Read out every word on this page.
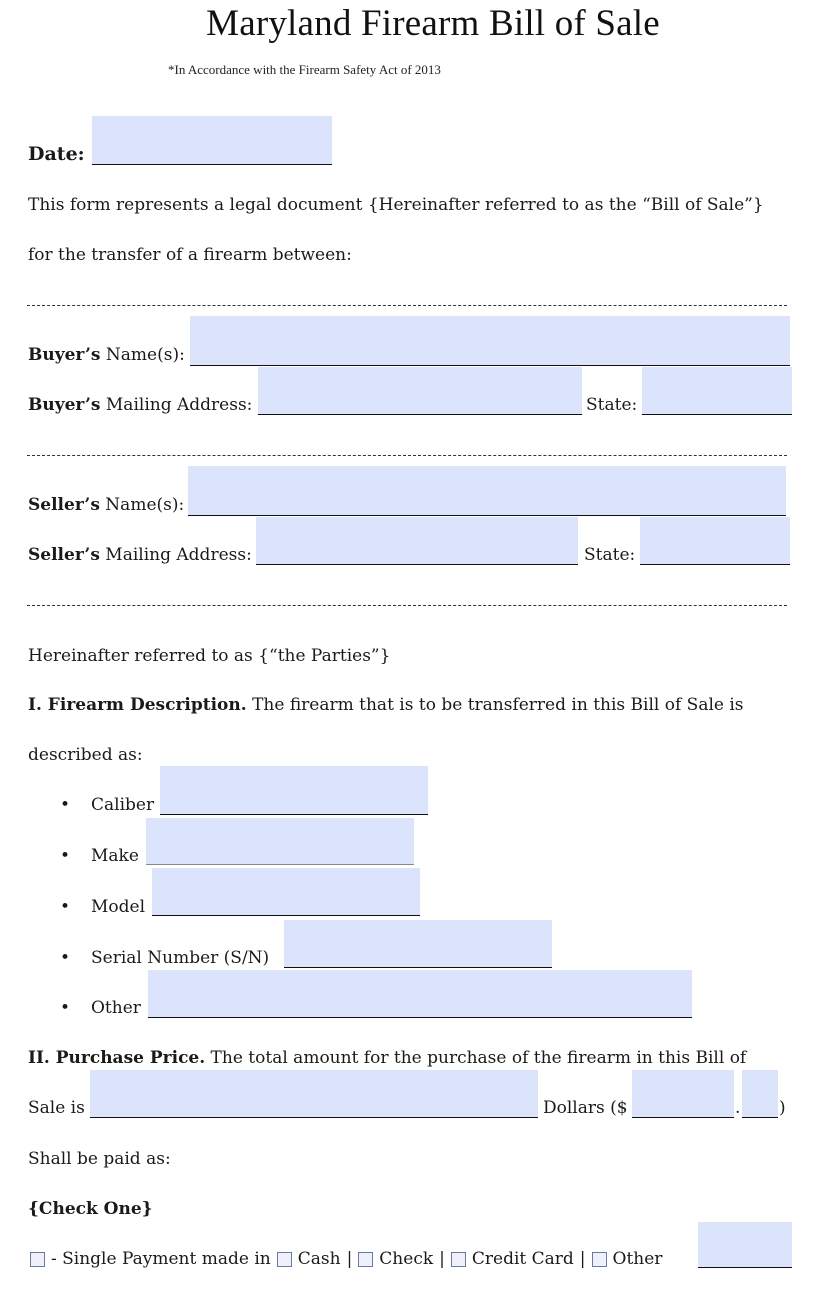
Maryland Firearm Bill of Sale
*In Accordance with the Firearm Safety Act of 2013
Date:
This form represents a legal document {Hereinafter referred to as the “Bill of Sale”}
for the transfer of a firearm between:
Buyer’s Name(s):
Buyer’s Mailing Address:	State:
Seller’s Name(s):
Seller’s Mailing Address:	State:
Hereinafter referred to as {“the Parties”}
I. Firearm Description. The firearm that is to be transferred in this Bill of Sale is
described as:
• Caliber
• Make
• Model
• Serial Number (S/N)
• Other
II. Purchase Price. The total amount for the purchase of the firearm in this Bill of
Sale is	Dollars ($	. )
Shall be paid as:
{Check One}
- Single Payment made in Cash | Check | Credit Card | Other
